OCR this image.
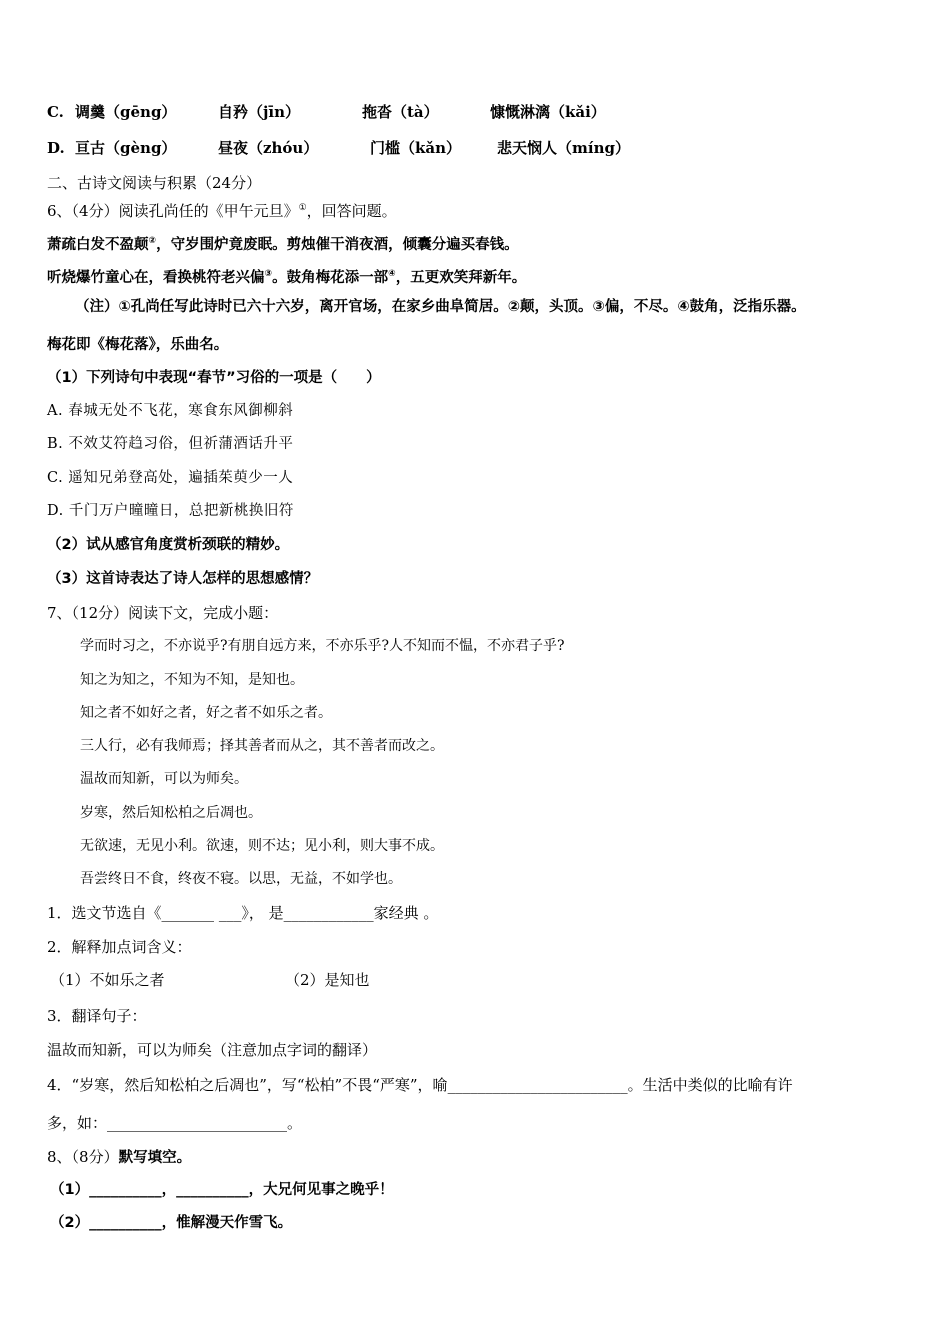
C. 调羹（gēng）	自矜（jīn）	拖沓（tà）	慷慨淋漓（kǎi）
D. 亘古（gèng）	昼夜（zhóu）	门槛（kǎn） 悲天悯人（míng）
二、古诗文阅读与积累（24分）
6、（4分）阅读孔尚任的《甲午元旦》①，回答问题。
萧疏白发不盈颠②，守岁围炉竟废眠。剪烛催干消夜酒，倾囊分遍买春钱。
听烧爆竹童心在，看换桃符老兴偏③。鼓角梅花添一部④，五更欢笑拜新年。
（注）①孔尚任写此诗时已六十六岁，离开官场，在家乡曲阜简居。②颠，头顶。③偏，不尽。④鼓角，泛指乐器。
梅花即《梅花落》，乐曲名。
（1）下列诗句中表现“春节”习俗的一项是（　　）
A. 春城无处不飞花，寒食东风御柳斜
B. 不效艾符趋习俗，但祈蒲酒话升平
C. 遥知兄弟登高处，遍插茱萸少一人
D. 千门万户曈曈日，总把新桃换旧符
（2）试从感官角度赏析颈联的精妙。
（3）这首诗表达了诗人怎样的思想感情？
7、（12分）阅读下文，完成小题：
学而时习之，不亦说乎?有朋自远方来，不亦乐乎?人不知而不愠，不亦君子乎?
知之为知之，不知为不知，是知也。
知之者不如好之者，好之者不如乐之者。
三人行，必有我师焉；择其善者而从之，其不善者而改之。
温故而知新，可以为师矣。
岁寒，然后知松柏之后凋也。
无欲速，无见小利。欲速，则不达；见小利，则大事不成。
吾尝终日不食，终夜不寝。以思，无益，不如学也。
1．选文节选自《_______ ___》， 是____________家经典 。
2．解释加点词含义：
（1）不如乐之者	（2）是知也
3．翻译句子：
温故而知新，可以为师矣（注意加点字词的翻译）
4．“岁寒，然后知松柏之后凋也”，写“松柏”不畏“严寒”，喻________________________。生活中类似的比喻有许
多，如：________________________。
8、（8分）默写填空。
（1）__________，__________，大兄何见事之晚乎！
（2）__________，惟解漫天作雪飞。
